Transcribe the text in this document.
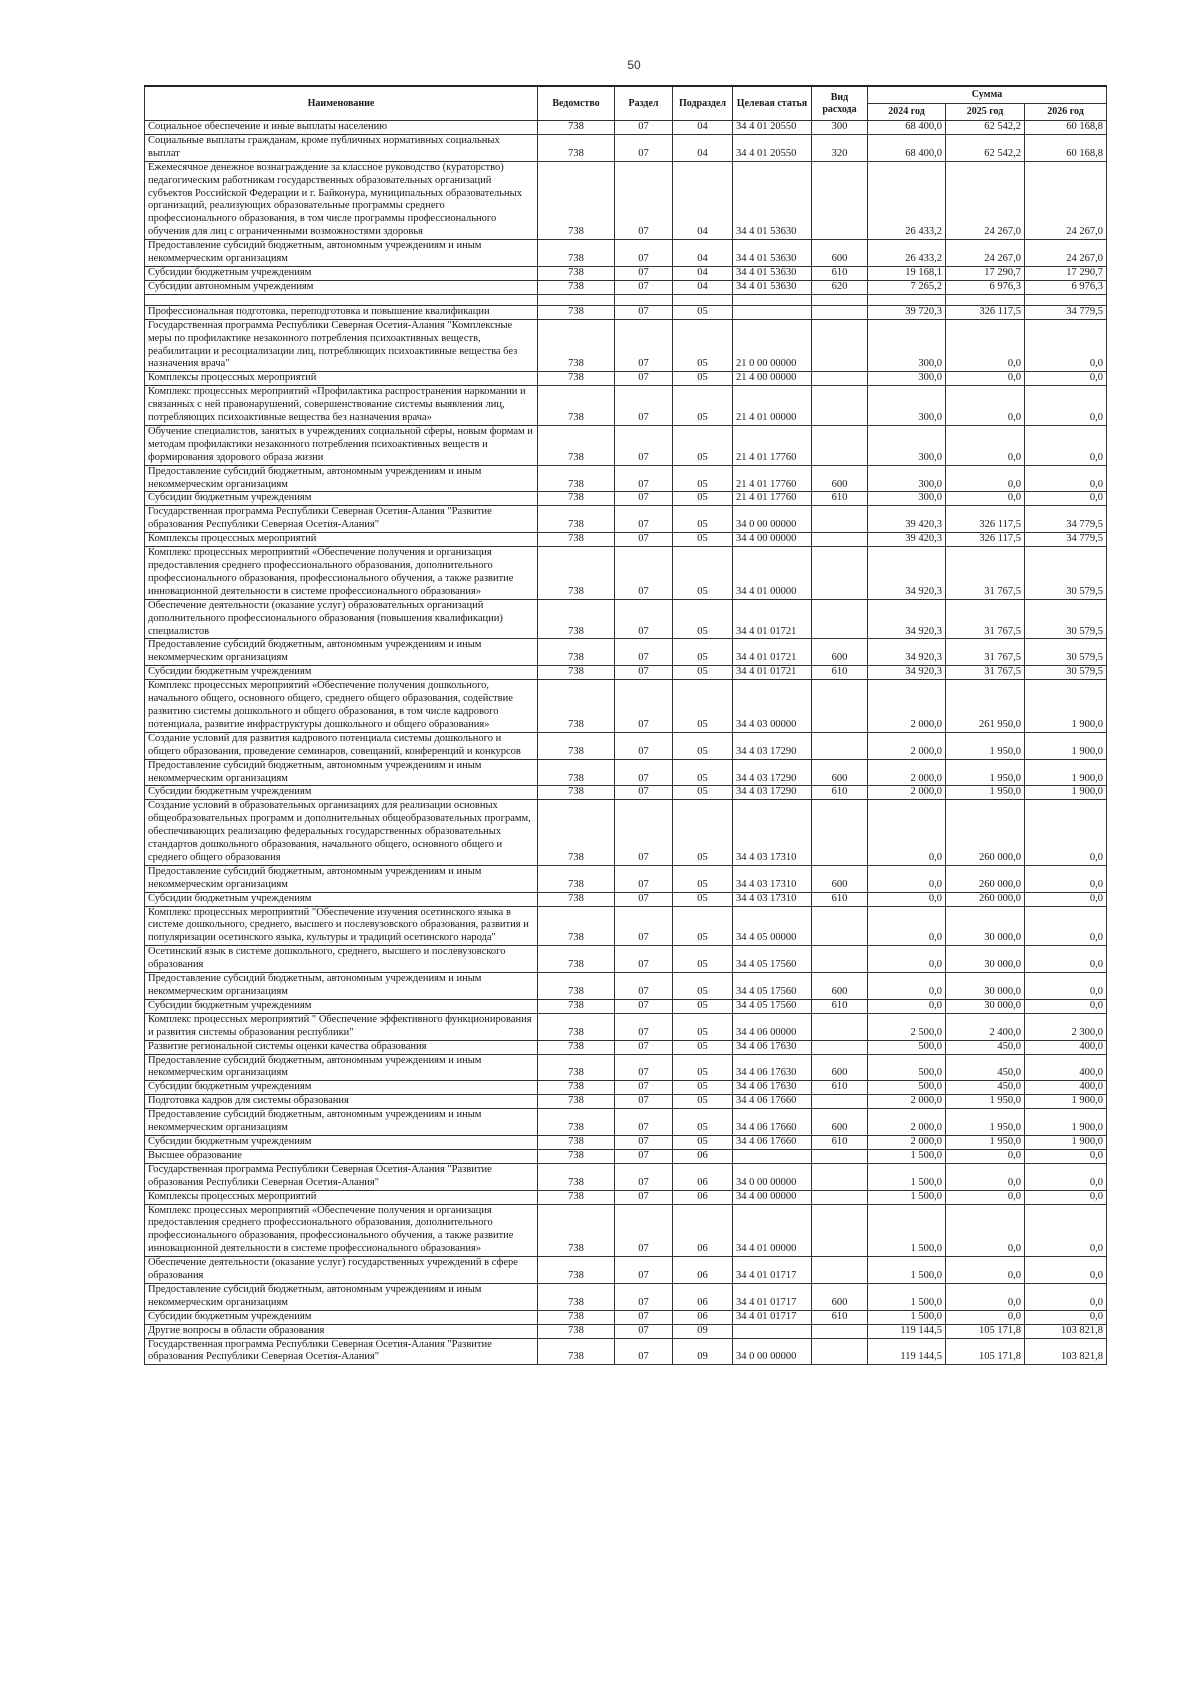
50
Наименование	Ведомство	Раздел	Подраздел	Целевая статья	Вид расхода	Сумма		
						2024 год	2025 год	2026 год
Социальное обеспечение и иные выплаты населению	738	07	04	34 4 01 20550	300	68 400,0	62 542,2	60 168,8
Социальные выплаты гражданам, кроме публичных нормативных социальных выплат	738	07	04	34 4 01 20550	320	68 400,0	62 542,2	60 168,8
Ежемесячное денежное вознаграждение за классное руководство (кураторство) педагогическим работникам государственных образовательных организаций субъектов Российской Федерации и г. Байконура, муниципальных образовательных организаций, реализующих образовательные программы среднего профессионального образования, в том числе программы профессионального обучения для лиц с ограниченными возможностями здоровья	738	07	04	34 4 01 53630		26 433,2	24 267,0	24 267,0
Предоставление субсидий бюджетным, автономным учреждениям и иным некоммерческим организациям	738	07	04	34 4 01 53630	600	26 433,2	24 267,0	24 267,0
Субсидии бюджетным учреждениям	738	07	04	34 4 01 53630	610	19 168,1	17 290,7	17 290,7
Субсидии автономным учреждениям	738	07	04	34 4 01 53630	620	7 265,2	6 976,3	6 976,3

Профессиональная подготовка, переподготовка и повышение квалификации	738	07	05			39 720,3	326 117,5	34 779,5
Государственная программа Республики Северная Осетия-Алания "Комплексные меры по профилактике незаконного потребления психоактивных веществ, реабилитации и ресоциализации лиц, потребляющих психоактивные вещества без назначения врача"	738	07	05	21 0 00 00000		300,0	0,0	0,0
Комплексы процессных мероприятий	738	07	05	21 4 00 00000		300,0	0,0	0,0
Комплекс процессных мероприятий «Профилактика распространения наркомании и связанных с ней правонарушений, совершенствование системы выявления лиц, потребляющих психоактивные вещества без назначения врача»	738	07	05	21 4 01 00000		300,0	0,0	0,0
Обучение специалистов, занятых в учреждениях социальной сферы, новым формам и методам профилактики незаконного потребления психоактивных веществ и формирования здорового образа жизни	738	07	05	21 4 01 17760		300,0	0,0	0,0
Предоставление субсидий бюджетным, автономным учреждениям и иным некоммерческим организациям	738	07	05	21 4 01 17760	600	300,0	0,0	0,0
Субсидии бюджетным учреждениям	738	07	05	21 4 01 17760	610	300,0	0,0	0,0
Государственная программа Республики Северная Осетия-Алания "Развитие образования Республики Северная Осетия-Алания"	738	07	05	34 0 00 00000		39 420,3	326 117,5	34 779,5
Комплексы процессных мероприятий	738	07	05	34 4 00 00000		39 420,3	326 117,5	34 779,5
Комплекс процессных мероприятий «Обеспечение получения и организация предоставления среднего профессионального образования, дополнительного профессионального образования, профессионального обучения, а также развитие инновационной деятельности в системе профессионального образования»	738	07	05	34 4 01 00000		34 920,3	31 767,5	30 579,5
Обеспечение деятельности (оказание услуг) образовательных организаций дополнительного профессионального образования (повышения квалификации) специалистов	738	07	05	34 4 01 01721		34 920,3	31 767,5	30 579,5
Предоставление субсидий бюджетным, автономным учреждениям и иным некоммерческим организациям	738	07	05	34 4 01 01721	600	34 920,3	31 767,5	30 579,5
Субсидии бюджетным учреждениям	738	07	05	34 4 01 01721	610	34 920,3	31 767,5	30 579,5
Комплекс процессных мероприятий «Обеспечение получения дошкольного, начального общего, основного общего, среднего общего образования, содействие развитию системы дошкольного и общего образования, в том числе кадрового потенциала, развитие инфраструктуры дошкольного и общего образования»	738	07	05	34 4 03 00000		2 000,0	261 950,0	1 900,0
Создание условий для развития кадрового потенциала системы дошкольного и общего образования, проведение семинаров, совещаний, конференций и конкурсов	738	07	05	34 4 03 17290		2 000,0	1 950,0	1 900,0
Предоставление субсидий бюджетным, автономным учреждениям и иным некоммерческим организациям	738	07	05	34 4 03 17290	600	2 000,0	1 950,0	1 900,0
Субсидии бюджетным учреждениям	738	07	05	34 4 03 17290	610	2 000,0	1 950,0	1 900,0
Создание условий в образовательных организациях для реализации основных общеобразовательных программ и дополнительных общеобразовательных программ, обеспечивающих реализацию федеральных государственных образовательных стандартов дошкольного образования, начального общего, основного общего и среднего общего образования	738	07	05	34 4 03 17310		0,0	260 000,0	0,0
Предоставление субсидий бюджетным, автономным учреждениям и иным некоммерческим организациям	738	07	05	34 4 03 17310	600	0,0	260 000,0	0,0
Субсидии бюджетным учреждениям	738	07	05	34 4 03 17310	610	0,0	260 000,0	0,0
Комплекс процессных мероприятий "Обеспечение изучения осетинского языка в системе дошкольного, среднего, высшего и послевузовского образования, развития и популяризации осетинского языка, культуры и традиций осетинского народа"	738	07	05	34 4 05 00000		0,0	30 000,0	0,0
Осетинский язык в системе дошкольного, среднего, высшего и послевузовского образования	738	07	05	34 4 05 17560		0,0	30 000,0	0,0
Предоставление субсидий бюджетным, автономным учреждениям и иным некоммерческим организациям	738	07	05	34 4 05 17560	600	0,0	30 000,0	0,0
Субсидии бюджетным учреждениям	738	07	05	34 4 05 17560	610	0,0	30 000,0	0,0
Комплекс процессных мероприятий " Обеспечение эффективного функционирования и развития системы образования республики"	738	07	05	34 4 06 00000		2 500,0	2 400,0	2 300,0
Развитие региональной системы оценки качества образования	738	07	05	34 4 06 17630		500,0	450,0	400,0
Предоставление субсидий бюджетным, автономным учреждениям и иным некоммерческим организациям	738	07	05	34 4 06 17630	600	500,0	450,0	400,0
Субсидии бюджетным учреждениям	738	07	05	34 4 06 17630	610	500,0	450,0	400,0
Подготовка кадров для системы образования	738	07	05	34 4 06 17660		2 000,0	1 950,0	1 900,0
Предоставление субсидий бюджетным, автономным учреждениям и иным некоммерческим организациям	738	07	05	34 4 06 17660	600	2 000,0	1 950,0	1 900,0
Субсидии бюджетным учреждениям	738	07	05	34 4 06 17660	610	2 000,0	1 950,0	1 900,0
Высшее образование	738	07	06			1 500,0	0,0	0,0
Государственная программа Республики Северная Осетия-Алания "Развитие образования Республики Северная Осетия-Алания"	738	07	06	34 0 00 00000		1 500,0	0,0	0,0
Комплексы процессных мероприятий	738	07	06	34 4 00 00000		1 500,0	0,0	0,0
Комплекс процессных мероприятий «Обеспечение получения и организация предоставления среднего профессионального образования, дополнительного профессионального образования, профессионального обучения, а также развитие инновационной деятельности в системе профессионального образования»	738	07	06	34 4 01 00000		1 500,0	0,0	0,0
Обеспечение деятельности (оказание услуг) государственных учреждений в сфере образования	738	07	06	34 4 01 01717		1 500,0	0,0	0,0
Предоставление субсидий бюджетным, автономным учреждениям и иным некоммерческим организациям	738	07	06	34 4 01 01717	600	1 500,0	0,0	0,0
Субсидии бюджетным учреждениям	738	07	06	34 4 01 01717	610	1 500,0	0,0	0,0
Другие вопросы в области образования	738	07	09			119 144,5	105 171,8	103 821,8
Государственная программа Республики Северная Осетия-Алания "Развитие образования Республики Северная Осетия-Алания"	738	07	09	34 0 00 00000		119 144,5	105 171,8	103 821,8
